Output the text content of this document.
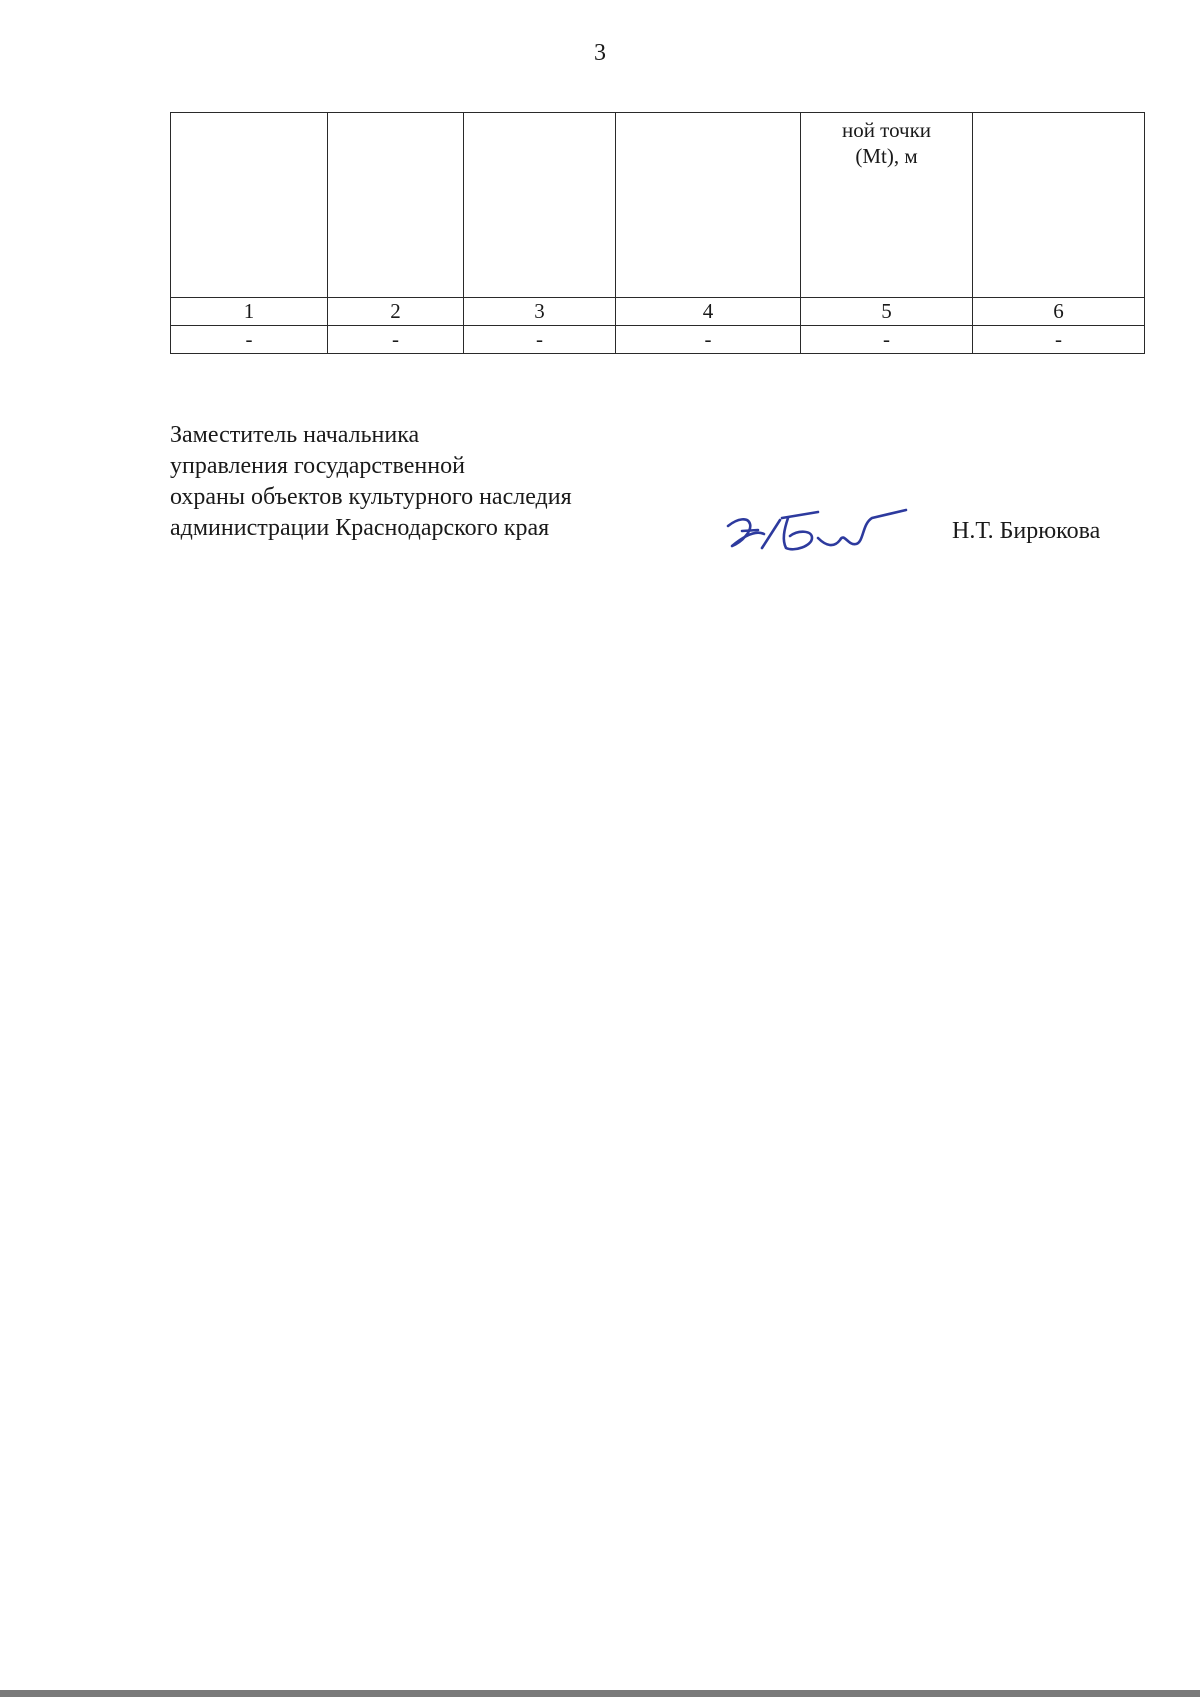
3

				ной точки
(Mt), м	

1	2	3	4	5	6
-	-	-	-	-	-
Заместитель начальника
управления государственной
охраны объектов культурного наследия
администрации Краснодарского края	Н.Т. Бирюкова
